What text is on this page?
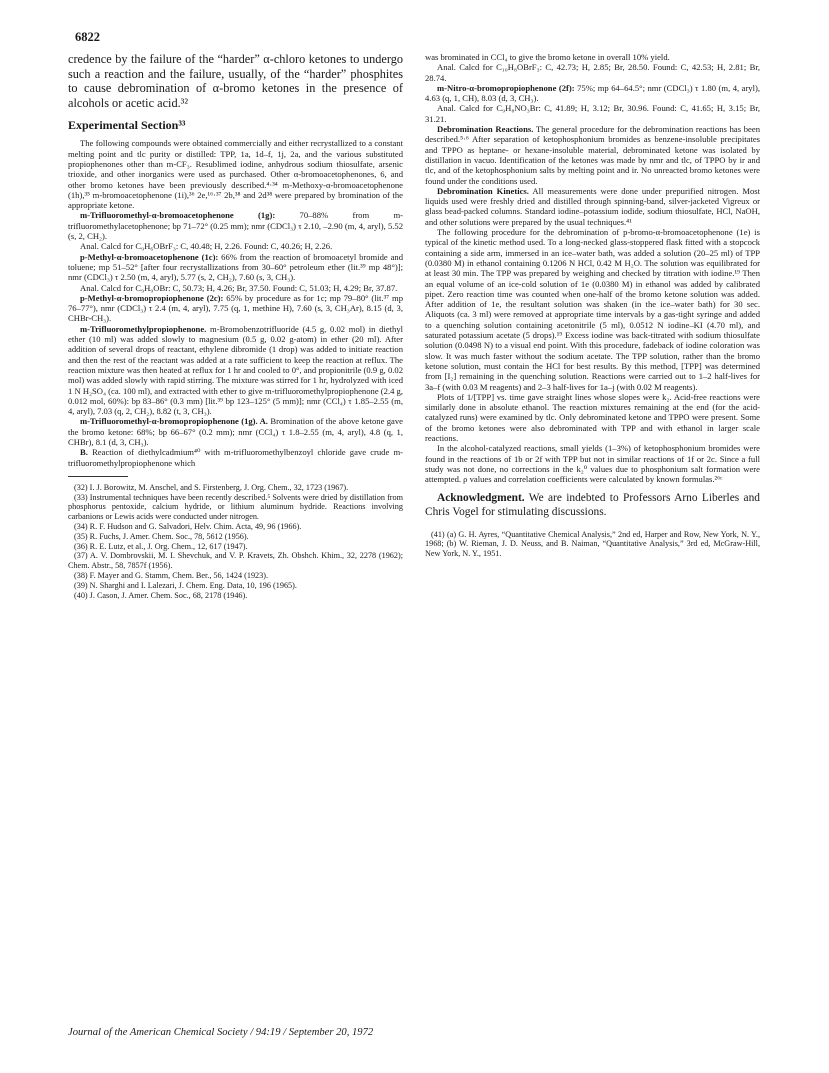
6822
credence by the failure of the “harder” α-chloro ketones to undergo such a reaction and the failure, usually, of the “harder” phosphites to cause debromination of α-bromo ketones in the presence of alcohols or acetic acid.³²
Experimental Section³³

The following compounds were obtained commercially and either recrystallized to a constant melting point and tlc purity or distilled: TPP, 1a, 1d–f, 1j, 2a, and the various substituted propiophenones other than m-CF₃. Resublimed iodine, anhydrous sodium thiosulfate, arsenic trioxide, and other inorganics were used as purchased. Other α-bromoacetophenones, 6, and other bromo ketones have been previously described.⁴·³⁴ m-Methoxy-α-bromoacetophenone (1h),³⁵ m-bromoacetophenone (1i),³⁶ 2e,¹⁶·³⁷ 2b,³⁸ and 2d³⁸ were prepared by bromination of the appropriate ketone.

m-Trifluoromethyl-α-bromoacetophenone (1g):	70–88% from m-trifluoromethylacetophenone; bp 71–72° (0.25 mm); nmr (CDCl₃) τ 2.10, –2.90 (m, 4, aryl), 5.52 (s, 2, CH₂).

Anal. Calcd for C₉H₆OBrF₃: C, 40.48; H, 2.26. Found: C, 40.26; H, 2.26.

p-Methyl-α-bromoacetophenone (1c): 66% from the reaction of bromoacetyl bromide and toluene; mp 51–52° [after four recrystallizations from 30–60° petroleum ether (lit.³⁹ mp 48°)]; nmr (CDCl₃) τ 2.50 (m, 4, aryl), 5.77 (s, 2, CH₂), 7.60 (s, 3, CH₃).

Anal. Calcd for C₉H₉OBr: C, 50.73; H, 4.26; Br, 37.50. Found: C, 51.03; H, 4.29; Br, 37.87.

p-Methyl-α-bromopropiophenone (2c): 65% by procedure as for 1c; mp 79–80° (lit.³⁷ mp 76–77°), nmr (CDCl₃) τ 2.4 (m, 4, aryl), 7.75 (q, 1, methine H), 7.60 (s, 3, CH₃Ar), 8.15 (d, 3, CHBr-CH₃).

m-Trifluoromethylpropiophenone. m-Bromobenzotrifluoride (4.5 g, 0.02 mol) in diethyl ether (10 ml) was added slowly to magnesium (0.5 g, 0.02 g-atom) in ether (20 ml). After addition of several drops of reactant, ethylene dibromide (1 drop) was added to initiate reaction and then the rest of the reactant was added at a rate sufficient to keep the reaction at reflux. The reaction mixture was then heated at reflux for 1 hr and cooled to 0°, and propionitrile (0.9 g, 0.02 mol) was added slowly with rapid stirring. The mixture was stirred for 1 hr, hydrolyzed with iced 1 N H₂SO₄ (ca. 100 ml), and extracted with ether to give m-trifluoromethylpropiophenone (2.4 g, 0.012 mol, 60%): bp 83–86° (0.3 mm) [lit.³⁹ bp 123–125° (5 mm)]; nmr (CCl₄) τ 1.85–2.55 (m, 4, aryl), 7.03 (q, 2, CH₂), 8.82 (t, 3, CH₃).

m-Trifluoromethyl-α-bromopropiophenone (1g). A. Bromination of the above ketone gave the bromo ketone: 68%; bp 66–67° (0.2 mm); nmr (CCl₄) τ 1.8–2.55 (m, 4, aryl), 4.8 (q, 1, CHBr), 8.1 (d, 3, CH₃).

B. Reaction of diethylcadmium⁴⁰ with m-trifluoromethylbenzoyl chloride gave crude m-trifluoromethylpropiophenone which

(32) I. J. Borowitz, M. Anschel, and S. Firstenberg, J. Org. Chem., 32, 1723 (1967).

(33) Instrumental techniques have been recently described.⁵ Solvents were dried by distillation from phosphorus pentoxide, calcium hydride, or lithium aluminum hydride. Reactions involving carbanions or Lewis acids were conducted under nitrogen.

(34) R. F. Hudson and G. Salvadori, Helv. Chim. Acta, 49, 96 (1966).

(35) R. Fuchs, J. Amer. Chem. Soc., 78, 5612 (1956).

(36) R. E. Lutz, et al., J. Org. Chem., 12, 617 (1947).

(37) A. V. Dombrovskii, M. I. Shevchuk, and V. P. Kravets, Zh. Obshch. Khim., 32, 2278 (1962); Chem. Abstr., 58, 7857f (1956).

(38) F. Mayer and G. Stamm, Chem. Ber., 56, 1424 (1923).

(39) N. Sharghi and I. Lalezari, J. Chem. Eng. Data, 10, 196 (1965).

(40) J. Cason, J. Amer. Chem. Soc., 68, 2178 (1946).

was brominated in CCl₄ to give the bromo ketone in overall 10% yield.

Anal. Calcd for C₁₀H₈OBrF₃: C, 42.73; H, 2.85; Br, 28.50. Found: C, 42.53; H, 2.81; Br, 28.74.

m-Nitro-α-bromopropiophenone (2f): 75%; mp 64–64.5°; nmr (CDCl₃) τ 1.80 (m, 4, aryl), 4.63 (q, 1, CH), 8.03 (d, 3, CH₃).

Anal. Calcd for C₉H₈NO₃Br: C, 41.89; H, 3.12; Br, 30.96. Found: C, 41.65; H, 3.15; Br, 31.21.

Debromination Reactions. The general procedure for the debromination reactions has been described.⁵·⁶ After separation of ketophosphonium bromides as benzene-insoluble precipitates and TPPO as heptane- or hexane-insoluble material, debrominated ketone was isolated by distillation in vacuo. Identification of the ketones was made by nmr and tlc, of TPPO by ir and tlc, and of the ketophosphonium salts by melting point and ir. No unreacted bromo ketones were found under the conditions used.

Debromination Kinetics. All measurements were done under prepurified nitrogen. Most liquids used were freshly dried and distilled through spinning-band, silver-jacketed Vigreux or glass bead-packed columns. Standard iodine–potassium iodide, sodium thiosulfate, HCl, NaOH, and other solutions were prepared by the usual techniques.⁴¹

The following procedure for the debromination of p-bromo-α-bromoacetophenone (1e) is typical of the kinetic method used. To a long-necked glass-stoppered flask fitted with a stopcock containing a side arm, immersed in an ice–water bath, was added a solution (20–25 ml) of TPP (0.0380 M) in ethanol containing 0.1206 N HCl, 0.42 M H₂O. The solution was equilibrated for at least 30 min. The TPP was prepared by weighing and checked by titration with iodine.¹⁹ Then an equal volume of an ice-cold solution of 1e (0.0380 M) in ethanol was added by calibrated pipet. Zero reaction time was counted when one-half of the bromo ketone solution was added. After addition of 1e, the resultant solution was shaken (in the ice–water bath) for 30 sec. Aliquots (ca. 3 ml) were removed at appropriate time intervals by a gas-tight syringe and added to a quenching solution containing acetonitrile (5 ml), 0.0512 N iodine–KI (4.70 ml), and saturated potassium acetate (5 drops).¹⁹ Excess iodine was back-titrated with sodium thiosulfate solution (0.0498 N) to a visual end point. With this procedure, fadeback of iodine coloration was slow. It was much faster without the sodium acetate. The TPP solution, rather than the bromo ketone solution, must contain the HCl for best results. By this method, [TPP] was determined from [I₂] remaining in the quenching solution. Reactions were carried out to 1–2 half-lives for 3a–f (with 0.03 M reagents) and 2–3 half-lives for 1a–j (with 0.02 M reagents).

Plots of 1/[TPP] vs. time gave straight lines whose slopes were k₂. Acid-free reactions were similarly done in absolute ethanol. The reaction mixtures remaining at the end (for the acid-catalyzed runs) were examined by tlc. Only debrominated ketone and TPPO were present. Some of the bromo ketones were also debrominated with TPP and with ethanol in larger scale reactions.

In the alcohol-catalyzed reactions, small yields (1–3%) of ketophosphonium bromides were found in the reactions of 1b or 2f with TPP but not in similar reactions of 1f or 2c. Since a full study was not done, no corrections in the k₂⁰ values due to phosphonium salt formation were attempted. ρ values and correlation coefficients were calculated by known formulas.²⁶ᶜ

Acknowledgment. We are indebted to Professors Arno Liberles and Chris Vogel for stimulating discussions.

(41) (a) G. H. Ayres, “Quantitative Chemical Analysis,” 2nd ed, Harper and Row, New York, N. Y., 1968; (b) W. Rieman, J. D. Neuss, and B. Naiman, “Quantitative Analysis,” 3rd ed, McGraw-Hill, New York, N. Y., 1951.

Journal of the American Chemical Society / 94:19 / September 20, 1972
